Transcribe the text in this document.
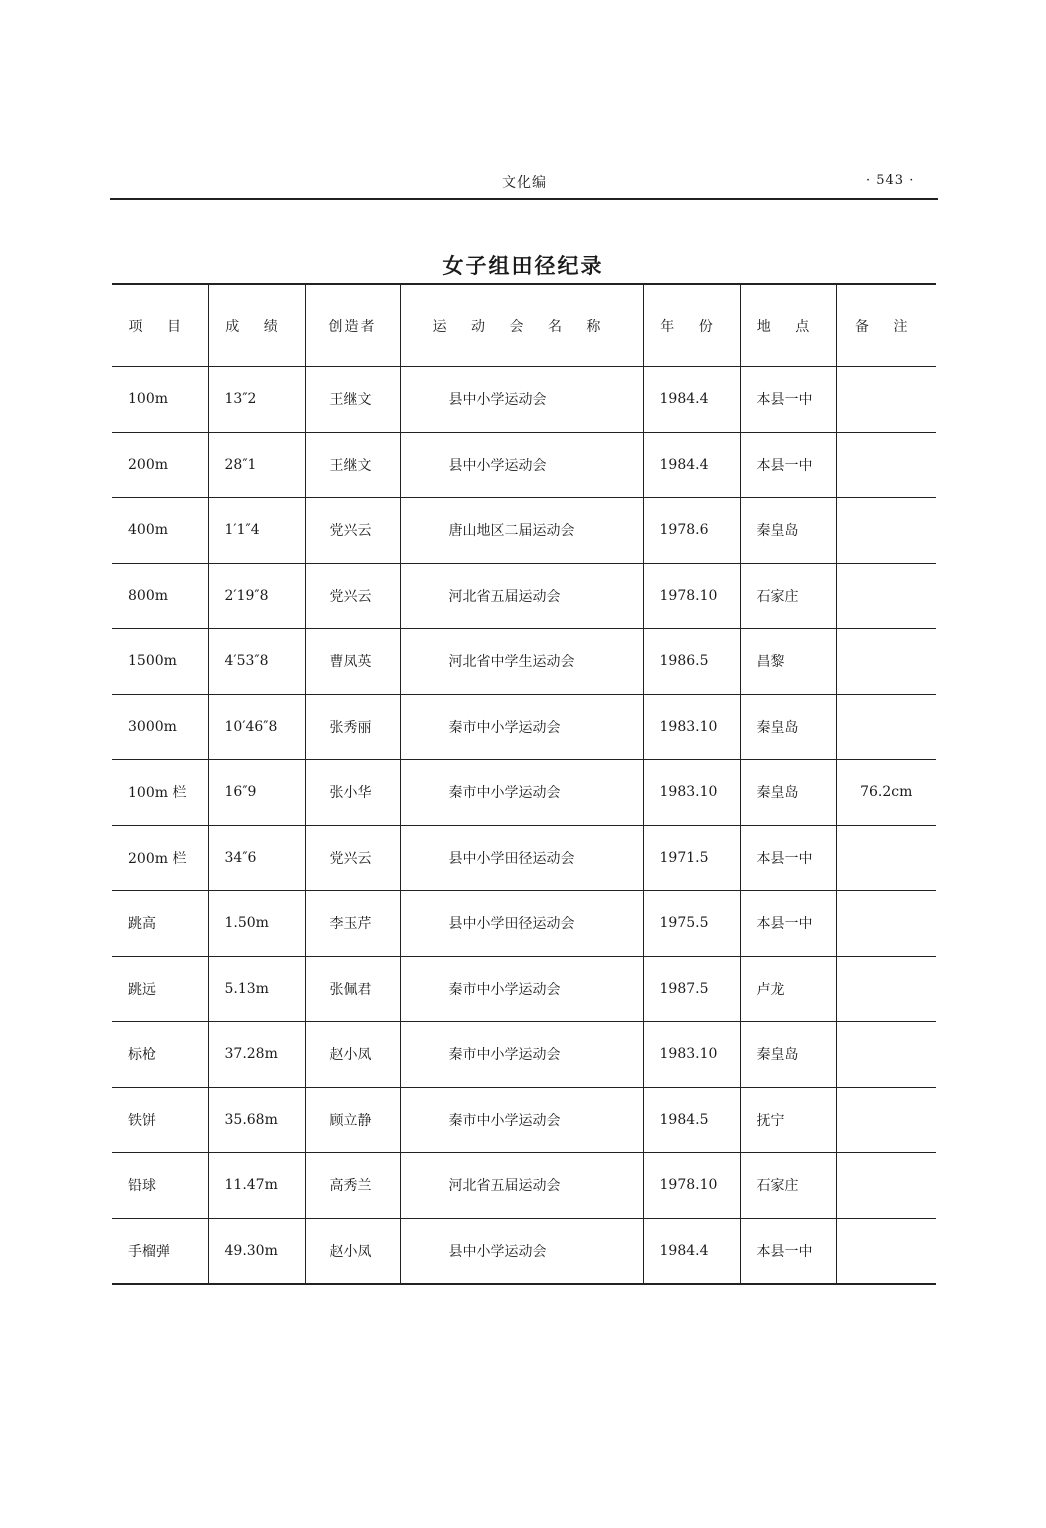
文化编	· 543 ·
女子组田径纪录
项 目	成 绩	创造者	运 动 会 名 称	年 份	地 点	备 注
100m	13″2	王继文	县中小学运动会	1984.4	本县一中	
200m	28″1	王继文	县中小学运动会	1984.4	本县一中	
400m	1′1″4	党兴云	唐山地区二届运动会	1978.6	秦皇岛	
800m	2′19″8	党兴云	河北省五届运动会	1978.10	石家庄	
1500m	4′53″8	曹凤英	河北省中学生运动会	1986.5	昌黎	
3000m	10′46″8	张秀丽	秦市中小学运动会	1983.10	秦皇岛	
100m 栏	16″9	张小华	秦市中小学运动会	1983.10	秦皇岛	76.2cm
200m 栏	34″6	党兴云	县中小学田径运动会	1971.5	本县一中	
跳高	1.50m	李玉芹	县中小学田径运动会	1975.5	本县一中	
跳远	5.13m	张佩君	秦市中小学运动会	1987.5	卢龙	
标枪	37.28m	赵小凤	秦市中小学运动会	1983.10	秦皇岛	
铁饼	35.68m	顾立静	秦市中小学运动会	1984.5	抚宁	
铅球	11.47m	高秀兰	河北省五届运动会	1978.10	石家庄	
手榴弹	49.30m	赵小凤	县中小学运动会	1984.4	本县一中	
